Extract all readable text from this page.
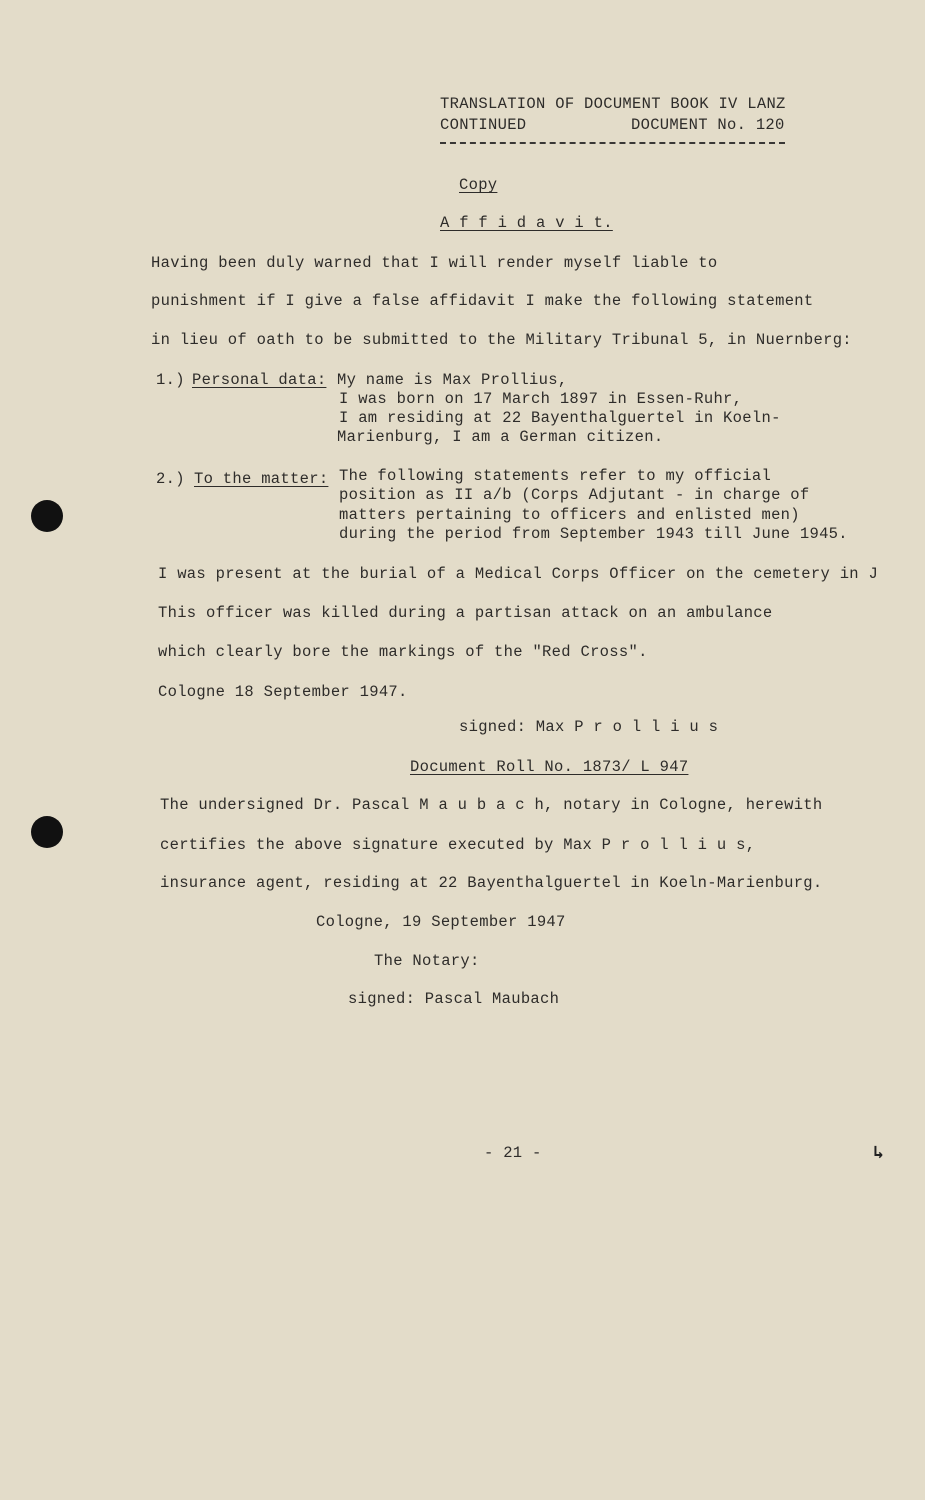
TRANSLATION OF DOCUMENT BOOK IV LANZ
CONTINUED	DOCUMENT No. 120
Copy
A f f i d a v i t.
Having been duly warned that I will render myself liable to
punishment if I give a false affidavit I make the following statement
in lieu of oath to be submitted to the Military Tribunal 5, in Nuernberg:
1.) Personal data: My name is Max Prollius,
I was born on 17 March 1897 in Essen-Ruhr,
I am residing at 22 Bayenthalguertel in Koeln-
Marienburg, I am a German citizen.
2.) To the matter: The following statements refer to my official
position as II a/b (Corps Adjutant - in charge of
matters pertaining to officers and enlisted men)
during the period from September 1943 till June 1945.
I was present at the burial of a Medical Corps Officer on the cemetery in J
This officer was killed during a partisan attack on an ambulance
which clearly bore the markings of the "Red Cross".
Cologne 18 September 1947.
signed: Max P r o l l i u s
Document Roll No. 1873/ L 947
The undersigned Dr. Pascal M a u b a c h, notary in Cologne, herewith
certifies the above signature executed by Max P r o l l i u s,
insurance agent, residing at 22 Bayenthalguertel in Koeln-Marienburg.
Cologne, 19 September 1947
The Notary:
signed: Pascal Maubach
- 21 -	↳
